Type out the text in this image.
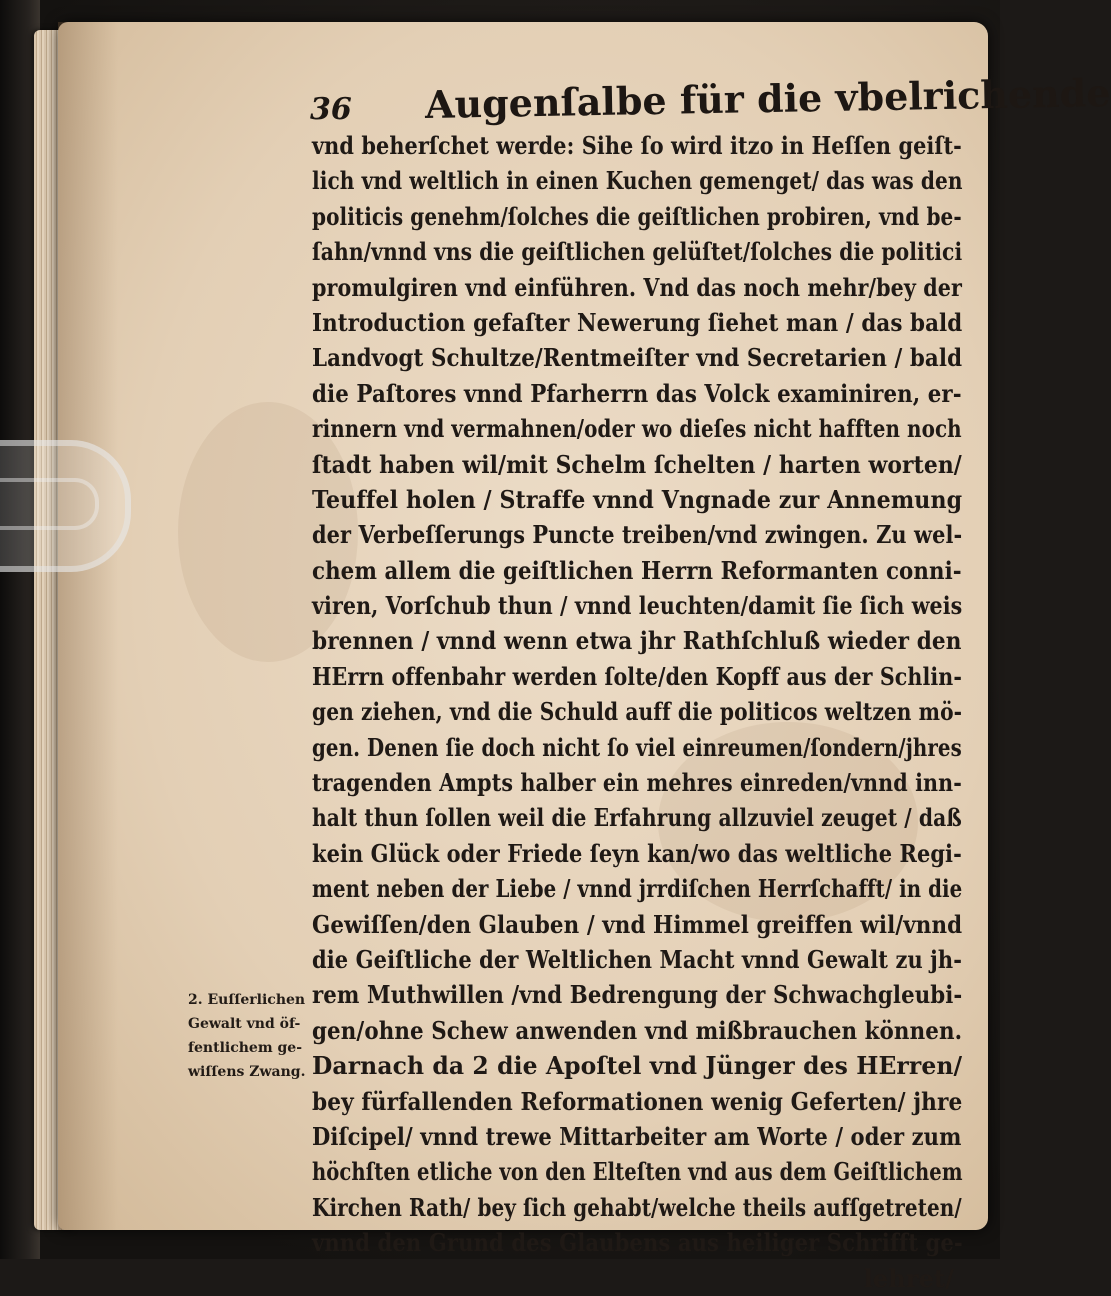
36 Augenſalbe für die vbelrichende
vnd beherſchet werde: Sihe ſo wird itzo in Heſſen geiſt-
lich vnd weltlich in einen Kuchen gemenget/ das was den
politicis genehm/ſolches die geiſtlichen probiren, vnd be-
ſahn/vnnd vns die geiſtlichen gelüſtet/ſolches die politici
promulgiren vnd einführen. Vnd das noch mehr/bey der
Introduction gefaſter Newerung ſiehet man / das bald
Landvogt Schultze/Rentmeiſter vnd Secretarien / bald
die Paſtores vnnd Pfarherrn das Volck examiniren, er-
rinnern vnd vermahnen/oder wo dieſes nicht hafften noch
ſtadt haben wil/mit Schelm ſchelten / harten worten/
Teuffel holen / Straffe vnnd Vngnade zur Annemung
der Verbeſſerungs Puncte treiben/vnd zwingen. Zu wel-
chem allem die geiſtlichen Herrn Reformanten conni-
viren, Vorſchub thun / vnnd leuchten/damit ſie ſich weis
brennen / vnnd wenn etwa jhr Rathſchluß wieder den
HErrn offenbahr werden ſolte/den Kopff aus der Schlin-
gen ziehen, vnd die Schuld auff die politicos weltzen mö-
gen. Denen ſie doch nicht ſo viel einreumen/ſondern/jhres
tragenden Ampts halber ein mehres einreden/vnnd inn-
halt thun ſollen weil die Erfahrung allzuviel zeuget / daß
kein Glück oder Friede ſeyn kan/wo das weltliche Regi-
ment neben der Liebe / vnnd jrrdiſchen Herrſchafft/ in die
Gewiſſen/den Glauben / vnd Himmel greiffen wil/vnnd
die Geiſtliche der Weltlichen Macht vnnd Gewalt zu jh-
rem Muthwillen /vnd Bedrengung der Schwachgleubi-
gen/ohne Schew anwenden vnd mißbrauchen können.
Darnach da 2 die Apoſtel vnd Jünger des HErren/
bey fürfallenden Reformationen wenig Geferten/ jhre
Diſcipel/ vnnd trewe Mittarbeiter am Worte / oder zum
höchſten etliche von den Elteſten vnd aus dem Geiſtlichem
Kirchen Rath/ bey ſich gehabt/welche theils aufſgetreten/
vnnd den Grund des Glaubens aus heiliger Schrifft ge-
lehret/
2. Euſſerlichen
Gewalt vnd öf-
fentlichem ge-
wiſſens Zwang.
